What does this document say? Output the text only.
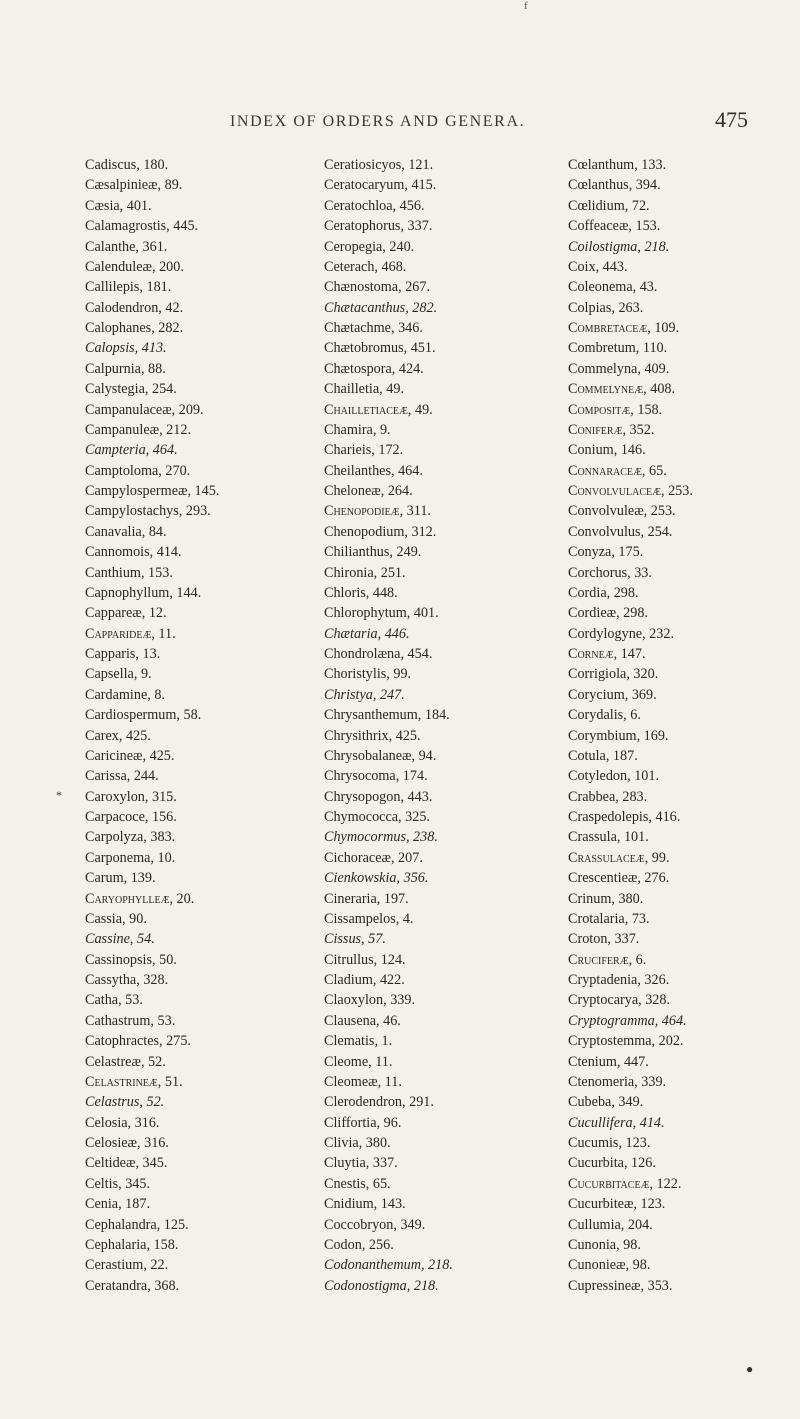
f
INDEX OF ORDERS AND GENERA.	475
*
Cadiscus, 180.
Cæsalpinieæ, 89.
Cæsia, 401.
Calamagrostis, 445.
Calanthe, 361.
Calenduleæ, 200.
Callilepis, 181.
Calodendron, 42.
Calophanes, 282.
Calopsis, 413.
Calpurnia, 88.
Calystegia, 254.
Campanulaceæ, 209.
Campanuleæ, 212.
Campteria, 464.
Camptoloma, 270.
Campylospermeæ, 145.
Campylostachys, 293.
Canavalia, 84.
Cannomois, 414.
Canthium, 153.
Capnophyllum, 144.
Cappareæ, 12.
Capparideæ, 11.
Capparis, 13.
Capsella, 9.
Cardamine, 8.
Cardiospermum, 58.
Carex, 425.
Caricineæ, 425.
Carissa, 244.
Caroxylon, 315.
Carpacoce, 156.
Carpolyza, 383.
Carponema, 10.
Carum, 139.
Caryophylleæ, 20.
Cassia, 90.
Cassine, 54.
Cassinopsis, 50.
Cassytha, 328.
Catha, 53.
Cathastrum, 53.
Catophractes, 275.
Celastreæ, 52.
Celastrineæ, 51.
Celastrus, 52.
Celosia, 316.
Celosieæ, 316.
Celtideæ, 345.
Celtis, 345.
Cenia, 187.
Cephalandra, 125.
Cephalaria, 158.
Cerastium, 22.
Ceratandra, 368.
Ceratiosicyos, 121.
Ceratocaryum, 415.
Ceratochloa, 456.
Ceratophorus, 337.
Ceropegia, 240.
Ceterach, 468.
Chænostoma, 267.
Chætacanthus, 282.
Chætachme, 346.
Chætobromus, 451.
Chætospora, 424.
Chailletia, 49.
Chailletiaceæ, 49.
Chamira, 9.
Charieis, 172.
Cheilanthes, 464.
Cheloneæ, 264.
Chenopodieæ, 311.
Chenopodium, 312.
Chilianthus, 249.
Chironia, 251.
Chloris, 448.
Chlorophytum, 401.
Chætaria, 446.
Chondrolæna, 454.
Choristylis, 99.
Christya, 247.
Chrysanthemum, 184.
Chrysithrix, 425.
Chrysobalaneæ, 94.
Chrysocoma, 174.
Chrysopogon, 443.
Chymococca, 325.
Chymocormus, 238.
Cichoraceæ, 207.
Cienkowskia, 356.
Cineraria, 197.
Cissampelos, 4.
Cissus, 57.
Citrullus, 124.
Cladium, 422.
Claoxylon, 339.
Clausena, 46.
Clematis, 1.
Cleome, 11.
Cleomeæ, 11.
Clerodendron, 291.
Cliffortia, 96.
Clivia, 380.
Cluytia, 337.
Cnestis, 65.
Cnidium, 143.
Coccobryon, 349.
Codon, 256.
Codonanthemum, 218.
Codonostigma, 218.
Cœlanthum, 133.
Cœlanthus, 394.
Cœlidium, 72.
Coffeaceæ, 153.
Coilostigma, 218.
Coix, 443.
Coleonema, 43.
Colpias, 263.
Combretaceæ, 109.
Combretum, 110.
Commelyna, 409.
Commelyneæ, 408.
Compositæ, 158.
Coniferæ, 352.
Conium, 146.
Connaraceæ, 65.
Convolvulaceæ, 253.
Convolvuleæ, 253.
Convolvulus, 254.
Conyza, 175.
Corchorus, 33.
Cordia, 298.
Cordieæ, 298.
Cordylogyne, 232.
Corneæ, 147.
Corrigiola, 320.
Corycium, 369.
Corydalis, 6.
Corymbium, 169.
Cotula, 187.
Cotyledon, 101.
Crabbea, 283.
Craspedolepis, 416.
Crassula, 101.
Crassulaceæ, 99.
Crescentieæ, 276.
Crinum, 380.
Crotalaria, 73.
Croton, 337.
Cruciferæ, 6.
Cryptadenia, 326.
Cryptocarya, 328.
Cryptogramma, 464.
Cryptostemma, 202.
Ctenium, 447.
Ctenomeria, 339.
Cubeba, 349.
Cucullifera, 414.
Cucumis, 123.
Cucurbita, 126.
Cucurbitaceæ, 122.
Cucurbiteæ, 123.
Cullumia, 204.
Cunonia, 98.
Cunonieæ, 98.
Cupressineæ, 353.
●
